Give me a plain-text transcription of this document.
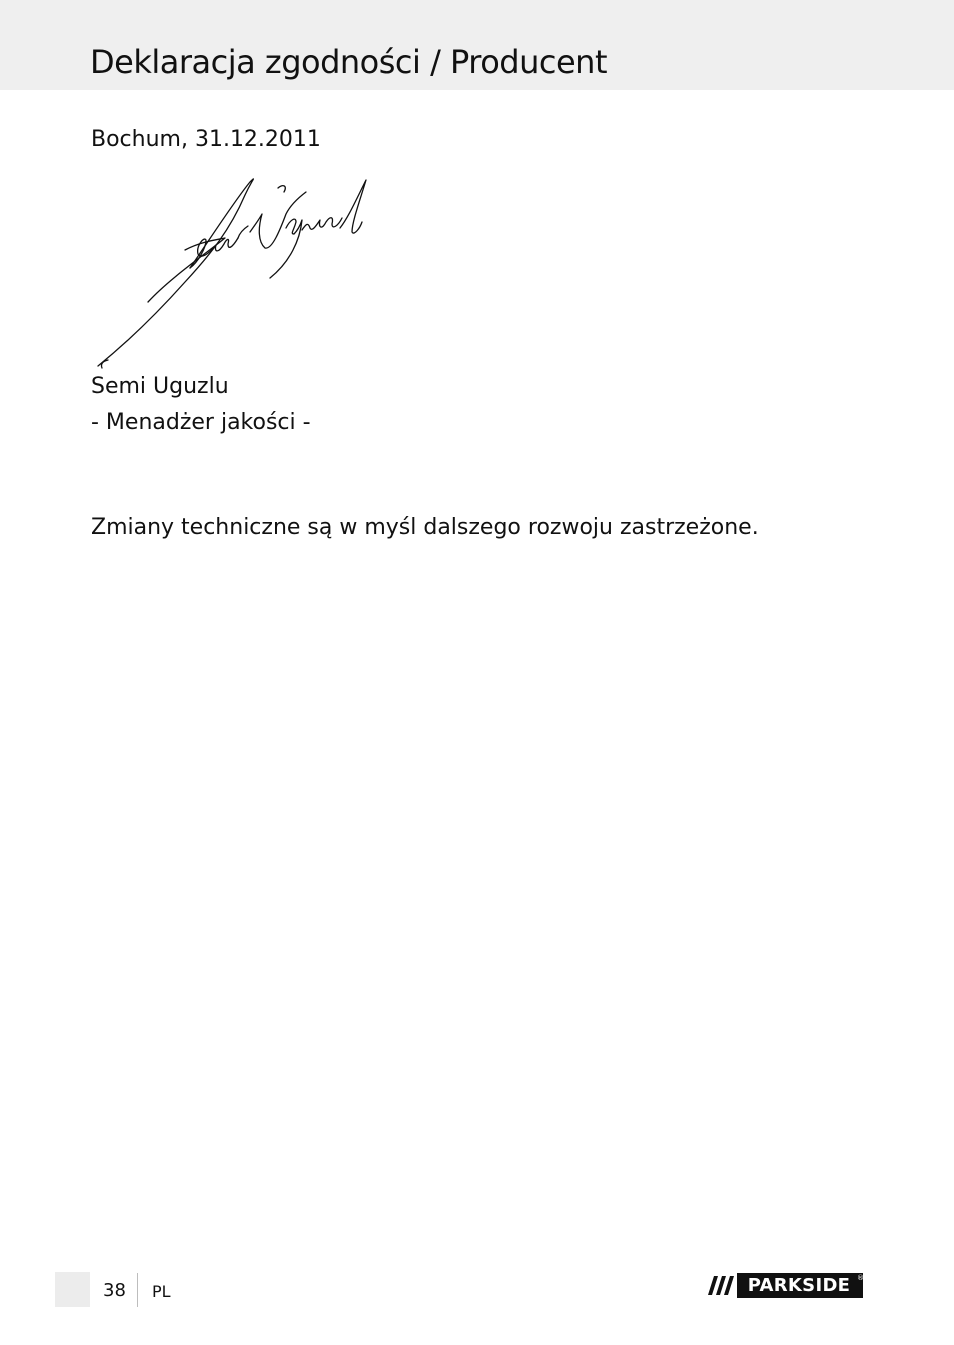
Deklaracja zgodności / Producent

Bochum, 31.12.2011

Semi Uguzlu

- Menadżer jakości -

Zmiany techniczne są w myśl dalszego rozwoju zastrzeżone.

38 PL	PARKSIDE ®
